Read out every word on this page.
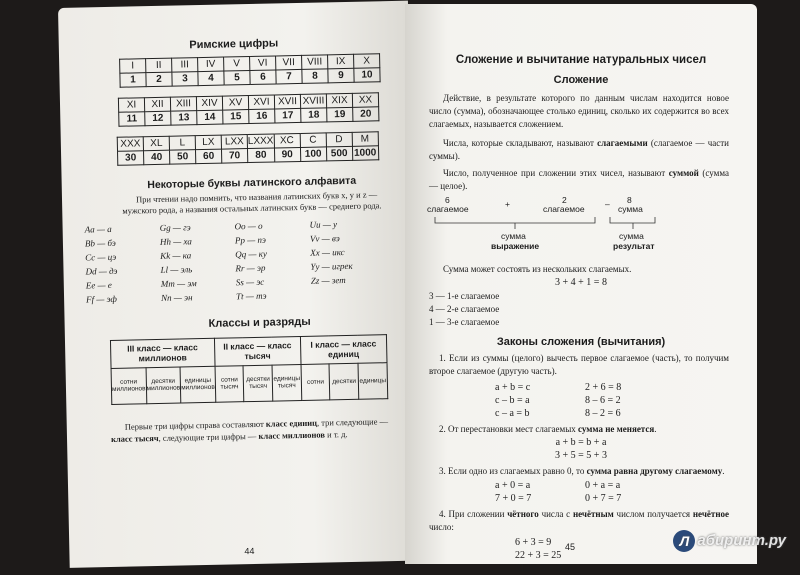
Римские цифры
I	II	III	IV	V	VI	VII	VIII	IX	X
1	2	3	4	5	6	7	8	9	10
XI	XII	XIII	XIV	XV	XVI	XVII	XVIII	XIX	XX
11	12	13	14	15	16	17	18	19	20
XXX	XL	L	LX	LXX	LXXX	XC	C	D	M
30	40	50	60	70	80	90	100	500	1000
Некоторые буквы латинского алфавита
При чтении надо помнить, что названия латинских букв x, y и z — мужского рода, а названия остальных латинских букв — среднего рода.
Aa — а	Gg — гэ	Oo — о	Uu — у
Bb — бэ	Hh — ха	Pp — пэ	Vv — вэ
Cc — цэ	Kk — ка	Qq — ку	Xx — икс
Dd — дэ	Ll — эль	Rr — эр	Yy — игрек
Ee — е	Mm — эм	Ss — эс	Zz — зет
Ff — эф	Nn — эн	Tt — тэ
Классы и разряды
III класс — класс миллионов			II класс — класс тысяч			I класс — класс единиц		
сотни миллионов	десятки миллионов	единицы миллионов	сотни тысяч	десятки тысяч	единицы тысяч	сотни	десятки	единицы
Первые три цифры справа составляют класс единиц, три следующие — класс тысяч, следующие три цифры — класс миллионов и т. д.
44
Сложение и вычитание натуральных чисел
Сложение
Действие, в результате которого по данным числам находится новое число (сумма), обозначающее столько единиц, сколько их содержится во всех слагаемых, называется сложением.
Числа, которые складывают, называют слагаемыми (слагаемое — части суммы).
Число, полученное при сложении этих чисел, называют суммой (сумма — целое).
6	+	2	– 8
слагаемое	слагаемое	сумма
сумма
выражение
сумма
результат
Сумма может состоять из нескольких слагаемых.
3 + 4 + 1 = 8
3 — 1-е слагаемое
4 — 2-е слагаемое
1 — 3-е слагаемое
Законы сложения (вычитания)
1. Если из суммы (целого) вычесть первое слагаемое (часть), то получим второе слагаемое (другую часть).
a + b = c	2 + 6 = 8
c – b = a	8 – 6 = 2
c – a = b	8 – 2 = 6
2. От перестановки мест слагаемых сумма не меняется.
a + b = b + a
3 + 5 = 5 + 3
3. Если одно из слагаемых равно 0, то сумма равна другому слагаемому.
a + 0 = a	0 + a = a
7 + 0 = 7	0 + 7 = 7
4. При сложении чётного числа с нечётным числом получается нечётное число:
6 + 3 = 9
22 + 3 = 25
318 + 3 = 321
45	Л абиринт.ру
